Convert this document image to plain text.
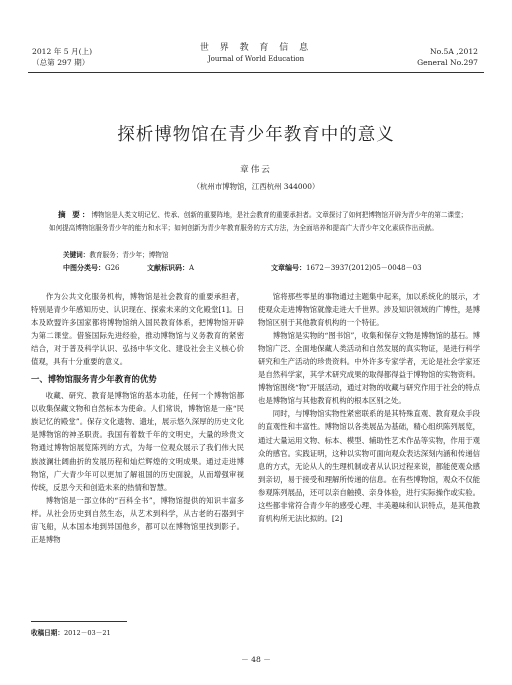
2012 年 5 月(上)
（总第 297 期）
世 界 教 育 信 息
Journal of World Education
No.5A ,2012
General No.297
探析博物馆在青少年教育中的意义
章伟云
（杭州市博物馆，江西杭州 344000）
摘 要：博物馆是人类文明记忆、传承、创新的重要阵地，是社会教育的重要承担者。文章探讨了如何把博物馆开辟为青少年的第二课堂；如何提高博物馆服务青少年的能力和水平；如何创新为青少年教育服务的方式方法，为全面培养和提高广大青少年文化素质作出贡献。
关键词：教育服务；青少年；博物馆
中图分类号：G26	文献标识码：A	文章编号：1672－3937(2012)05－0048－03

作为公共文化服务机构，博物馆是社会教育的重要承担者，特别是青少年感知历史、认识现在、探索未来的文化殿堂[1]。日本及欧盟许多国家都将博物馆纳入国民教育体系，把博物馆开辟为第二课堂。借鉴国际先进经验，推动博物馆与义务教育的紧密结合，对于普及科学认识、弘扬中华文化、建设社会主义核心价值观，具有十分重要的意义。

一、博物馆服务青少年教育的优势

收藏、研究、教育是博物馆的基本功能，任何一个博物馆都以收集保藏文物和自然标本为使命。人们常说，博物馆是一座“民族记忆的殿堂”。保存文化遗物、遗址，展示悠久深厚的历史文化是博物馆的神圣职责。我国有着数千年的文明史，大量的珍贵文物通过博物馆展览陈列的方式，为每一位观众展示了我们伟大民族波澜壮阔曲折的发展历程和灿烂辉煌的文明成果。通过走进博物馆，广大青少年可以更加了解祖国的历史面貌，从而增强审视传统，反思今天和创造未来的热情和智慧。

博物馆是一部立体的“百科全书”，博物馆提供的知识丰富多样。从社会历史到自然生态，从艺术到科学，从古老的石器到宇宙飞船，从本国本地到异国他乡，都可以在博物馆里找到影子。正是博物

馆将那些零星的事物通过主题集中起来，加以系统化的展示，才使观众走进博物馆就像走进大千世界。涉及知识领域的广博性，是博物馆区别于其他教育机构的一个特征。

博物馆是实物的“图书馆”，收集和保存文物是博物馆的基石。博物馆广泛、全面地保藏人类活动和自然发展的真实物证，是进行科学研究和生产活动的珍贵资料。中外许多专家学者，无论是社会学家还是自然科学家，其学术研究成果的取得都得益于博物馆的实物资料。博物馆围绕“物”开展活动，通过对物的收藏与研究作用于社会的特点也是博物馆与其他教育机构的根本区别之处。

同时，与博物馆实物性紧密联系的是其特殊直观、教育观众手段的直观性和丰富性。博物馆以各类展品为基础，精心组织陈列展览，通过大量运用文物、标本、模型、辅助性艺术作品等实物，作用于观众的感官。实践证明，这种以实物可面向观众表达深刻内涵和传递信息的方式，无论从人的生理机制或者从认识过程来说，都能使观众感到亲切，易于接受和理解所传递的信息。在有些博物馆，观众不仅能参观陈列展品，还可以亲自触摸、亲身体验，进行实际操作或实验。这些都非常符合青少年的感受心理、丰美趣味和认识特点，是其他教育机构所无法比拟的。[2]

收稿日期：2012－03－21
－ 48 －
